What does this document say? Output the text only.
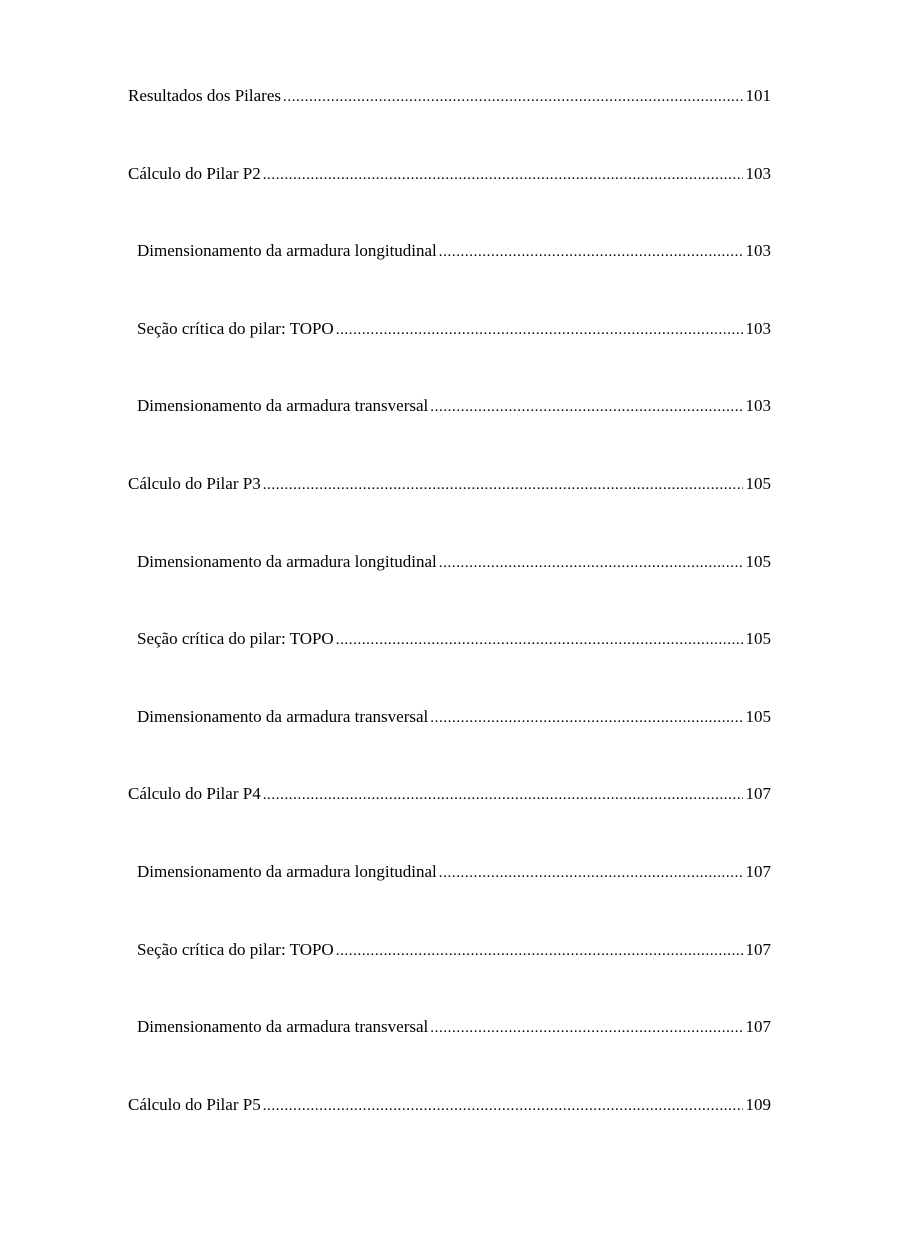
Resultados dos Pilares .....	101
Cálculo do Pilar P2 .....	103
Dimensionamento da armadura longitudinal .....	103
Seção crítica do pilar: TOPO .....	103
Dimensionamento da armadura transversal .....	103
Cálculo do Pilar P3 .....	105
Dimensionamento da armadura longitudinal .....	105
Seção crítica do pilar: TOPO .....	105
Dimensionamento da armadura transversal .....	105
Cálculo do Pilar P4 .....	107
Dimensionamento da armadura longitudinal .....	107
Seção crítica do pilar: TOPO .....	107
Dimensionamento da armadura transversal .....	107
Cálculo do Pilar P5 .....	109
